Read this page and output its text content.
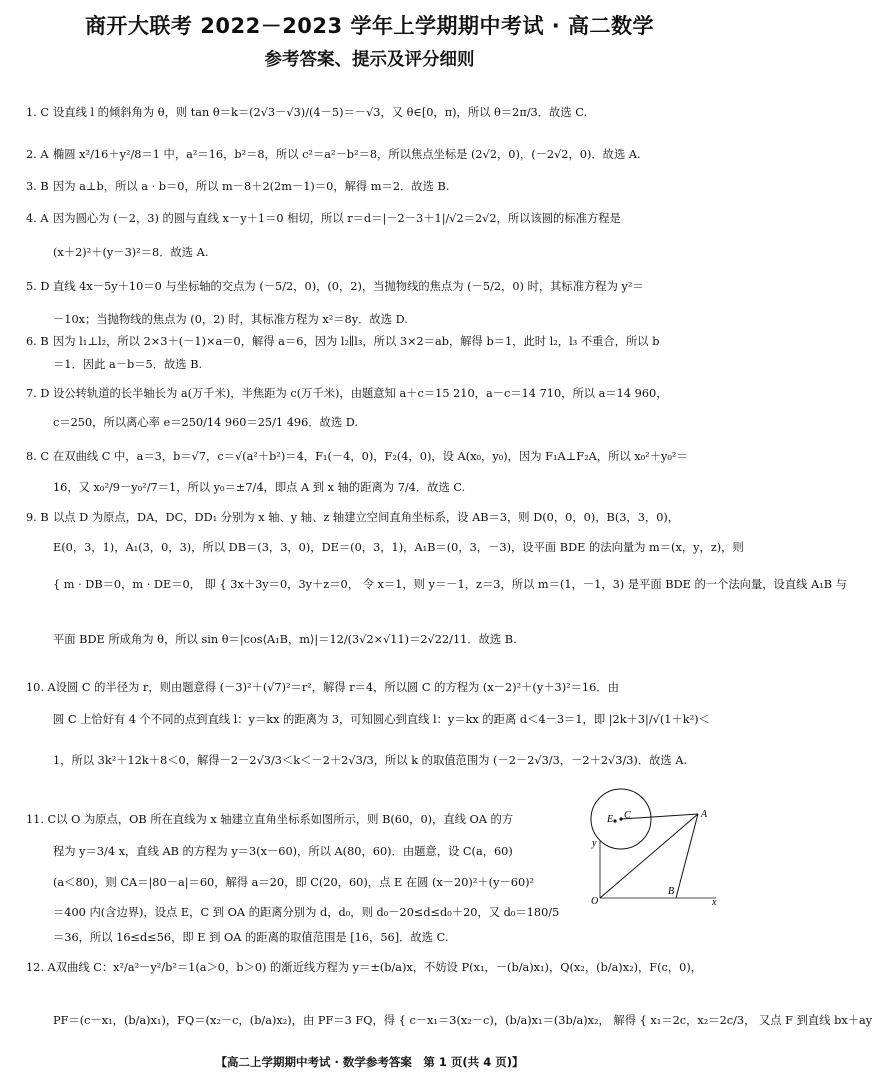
商开大联考 2022－2023 学年上学期期中考试 · 高二数学
参考答案、提示及评分细则
1. C 设直线 l 的倾斜角为 θ，则 tan θ＝k＝(2√3－√3)/(4－5)＝－√3，又 θ∈[0，π)，所以 θ＝2π/3．故选 C.
2. A 椭圆 x²/16＋y²/8＝1 中，a²＝16，b²＝8，所以 c²＝a²－b²＝8，所以焦点坐标是 (2√2，0)，(－2√2，0)．故选 A.
3. B 因为 a⊥b，所以 a · b＝0，所以 m－8＋2(2m－1)＝0，解得 m＝2．故选 B.
4. A 因为圆心为 (－2，3) 的圆与直线 x－y＋1＝0 相切，所以 r＝d＝|－2－3＋1|/√2＝2√2，所以该圆的标准方程是
(x＋2)²＋(y－3)²＝8．故选 A.
5. D 直线 4x－5y＋10＝0 与坐标轴的交点为 (－5/2，0)，(0，2)，当抛物线的焦点为 (－5/2，0) 时，其标准方程为 y²＝
－10x；当抛物线的焦点为 (0，2) 时，其标准方程为 x²＝8y．故选 D.
6. B 因为 l₁⊥l₂，所以 2×3＋(－1)×a＝0，解得 a＝6，因为 l₂∥l₃，所以 3×2＝ab，解得 b＝1，此时 l₂，l₃ 不重合，所以 b
＝1．因此 a－b＝5．故选 B.
7. D 设公转轨道的长半轴长为 a(万千米)，半焦距为 c(万千米)，由题意知 a＋c＝15 210，a－c＝14 710，所以 a＝14 960，
c＝250，所以离心率 e＝250/14 960＝25/1 496．故选 D.
8. C 在双曲线 C 中，a＝3，b＝√7，c＝√(a²＋b²)＝4，F₁(－4，0)，F₂(4，0)，设 A(x₀，y₀)，因为 F₁A⊥F₂A，所以 x₀²＋y₀²＝
16，又 x₀²/9－y₀²/7＝1，所以 y₀＝±7/4，即点 A 到 x 轴的距离为 7/4．故选 C.
9. B 以点 D 为原点，DA，DC，DD₁ 分别为 x 轴、y 轴、z 轴建立空间直角坐标系，设 AB＝3，则 D(0，0，0)，B(3，3，0)，
E(0，3，1)，A₁(3，0，3)，所以 DB＝(3，3，0)，DE＝(0，3，1)，A₁B＝(0，3，－3)，设平面 BDE 的法向量为 m＝(x，y，z)，则
{ m · DB＝0，m · DE＝0， 即 { 3x＋3y＝0，3y＋z＝0， 令 x＝1，则 y＝－1，z＝3，所以 m＝(1，－1，3) 是平面 BDE 的一个法向量，设直线 A₁B 与
平面 BDE 所成角为 θ，所以 sin θ＝|cos⟨A₁B，m⟩|＝12/(3√2×√11)＝2√22/11．故选 B.
10. A设圆 C 的半径为 r，则由题意得 (－3)²＋(√7)²＝r²，解得 r＝4，所以圆 C 的方程为 (x－2)²＋(y＋3)²＝16．由
圆 C 上恰好有 4 个不同的点到直线 l：y＝kx 的距离为 3，可知圆心到直线 l：y＝kx 的距离 d＜4－3＝1，即 |2k＋3|/√(1＋k²)＜
1，所以 3k²＋12k＋8＜0，解得－2－2√3/3＜k＜－2＋2√3/3，所以 k 的取值范围为 (－2－2√3/3，－2＋2√3/3)．故选 A.
11. C以 O 为原点，OB 所在直线为 x 轴建立直角坐标系如图所示，则 B(60，0)，直线 OA 的方
程为 y＝3/4 x，直线 AB 的方程为 y＝3(x－60)，所以 A(80，60)．由题意，设 C(a，60)
(a＜80)，则 CA＝|80－a|＝60，解得 a＝20，即 C(20，60)，点 E 在圆 (x－20)²＋(y－60)²
＝400 内(含边界)，设点 E，C 到 OA 的距离分别为 d，d₀，则 d₀－20≤d≤d₀＋20，又 d₀＝180/5
＝36，所以 16≤d≤56，即 E 到 OA 的距离的取值范围是 [16，56]．故选 C.
12. A双曲线 C：x²/a²－y²/b²＝1(a＞0，b＞0) 的渐近线方程为 y＝±(b/a)x，不妨设 P(x₁，－(b/a)x₁)，Q(x₂，(b/a)x₂)，F(c，0)，
PF＝(c－x₁，(b/a)x₁)，FQ＝(x₂－c，(b/a)x₂)，由 PF＝3 FQ，得 { c－x₁＝3(x₂－c)，(b/a)x₁＝(3b/a)x₂， 解得 { x₁＝2c，x₂＝2c/3， 又点 F 到直线 bx＋ay
E C	A
B
O
y
x
【高二上学期期中考试 · 数学参考答案　第 1 页(共 4 页)】
